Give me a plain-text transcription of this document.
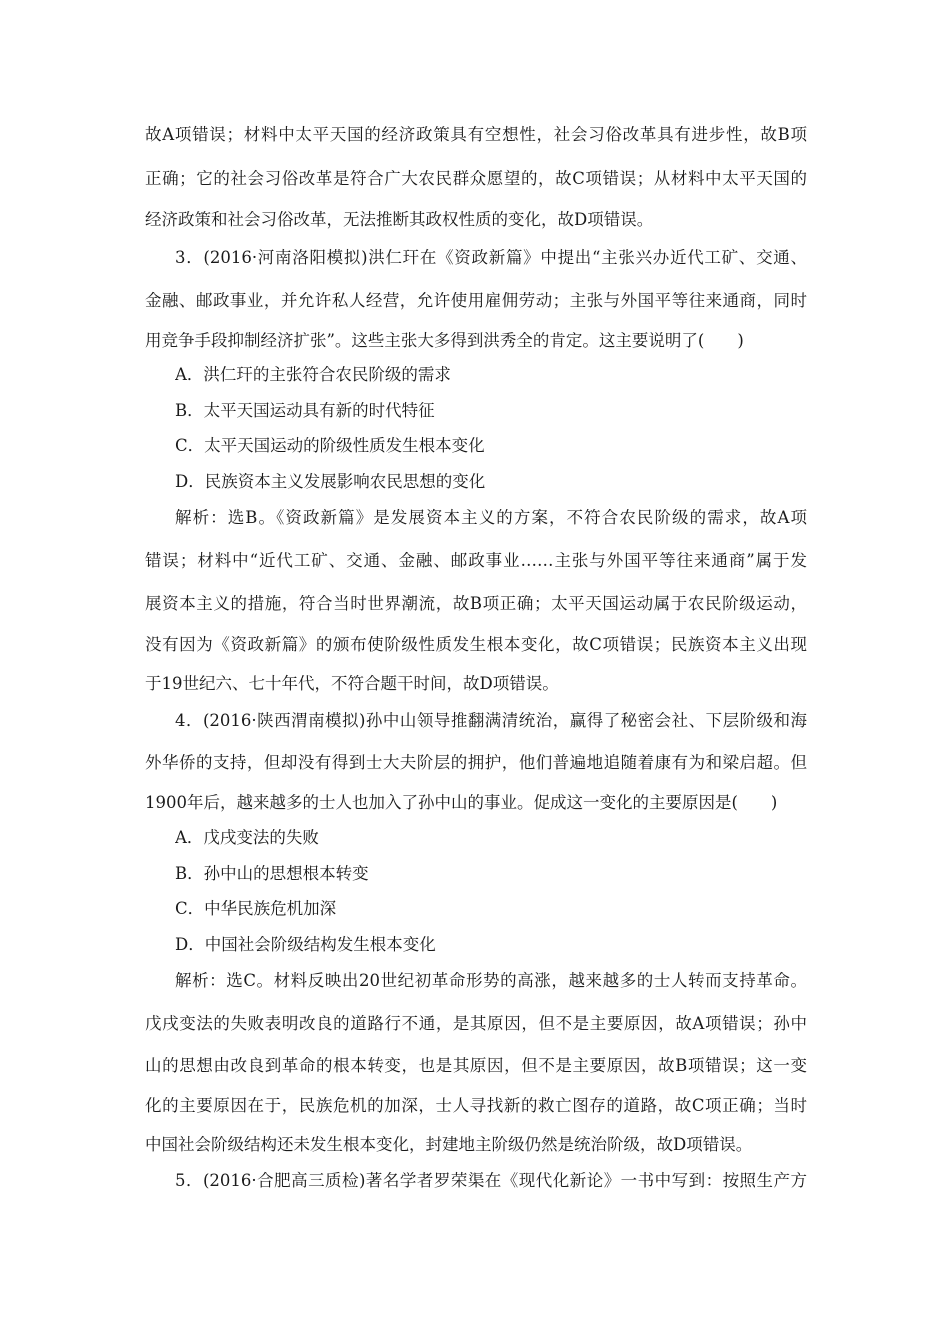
故A项错误；材料中太平天国的经济政策具有空想性，社会习俗改革具有进步性，故B项
正确；它的社会习俗改革是符合广大农民群众愿望的，故C项错误；从材料中太平天国的
经济政策和社会习俗改革，无法推断其政权性质的变化，故D项错误。
3．(2016·河南洛阳模拟)洪仁玕在《资政新篇》中提出“主张兴办近代工矿、交通、
金融、邮政事业，并允许私人经营，允许使用雇佣劳动；主张与外国平等往来通商，同时
用竞争手段抑制经济扩张”。这些主张大多得到洪秀全的肯定。这主要说明了(　　)
A．洪仁玕的主张符合农民阶级的需求
B．太平天国运动具有新的时代特征
C．太平天国运动的阶级性质发生根本变化
D．民族资本主义发展影响农民思想的变化
解析：选B。《资政新篇》是发展资本主义的方案，不符合农民阶级的需求，故A项
错误；材料中“近代工矿、交通、金融、邮政事业……主张与外国平等往来通商”属于发
展资本主义的措施，符合当时世界潮流，故B项正确；太平天国运动属于农民阶级运动，
没有因为《资政新篇》的颁布使阶级性质发生根本变化，故C项错误；民族资本主义出现
于19世纪六、七十年代，不符合题干时间，故D项错误。
4．(2016·陕西渭南模拟)孙中山领导推翻满清统治，赢得了秘密会社、下层阶级和海
外华侨的支持，但却没有得到士大夫阶层的拥护，他们普遍地追随着康有为和梁启超。但
1900年后，越来越多的士人也加入了孙中山的事业。促成这一变化的主要原因是(　　)
A．戊戌变法的失败
B．孙中山的思想根本转变
C．中华民族危机加深
D．中国社会阶级结构发生根本变化
解析：选C。材料反映出20世纪初革命形势的高涨，越来越多的士人转而支持革命。
戊戌变法的失败表明改良的道路行不通，是其原因，但不是主要原因，故A项错误；孙中
山的思想由改良到革命的根本转变，也是其原因，但不是主要原因，故B项错误；这一变
化的主要原因在于，民族危机的加深，士人寻找新的救亡图存的道路，故C项正确；当时
中国社会阶级结构还未发生根本变化，封建地主阶级仍然是统治阶级，故D项错误。
5．(2016·合肥高三质检)著名学者罗荣渠在《现代化新论》一书中写到：按照生产方
